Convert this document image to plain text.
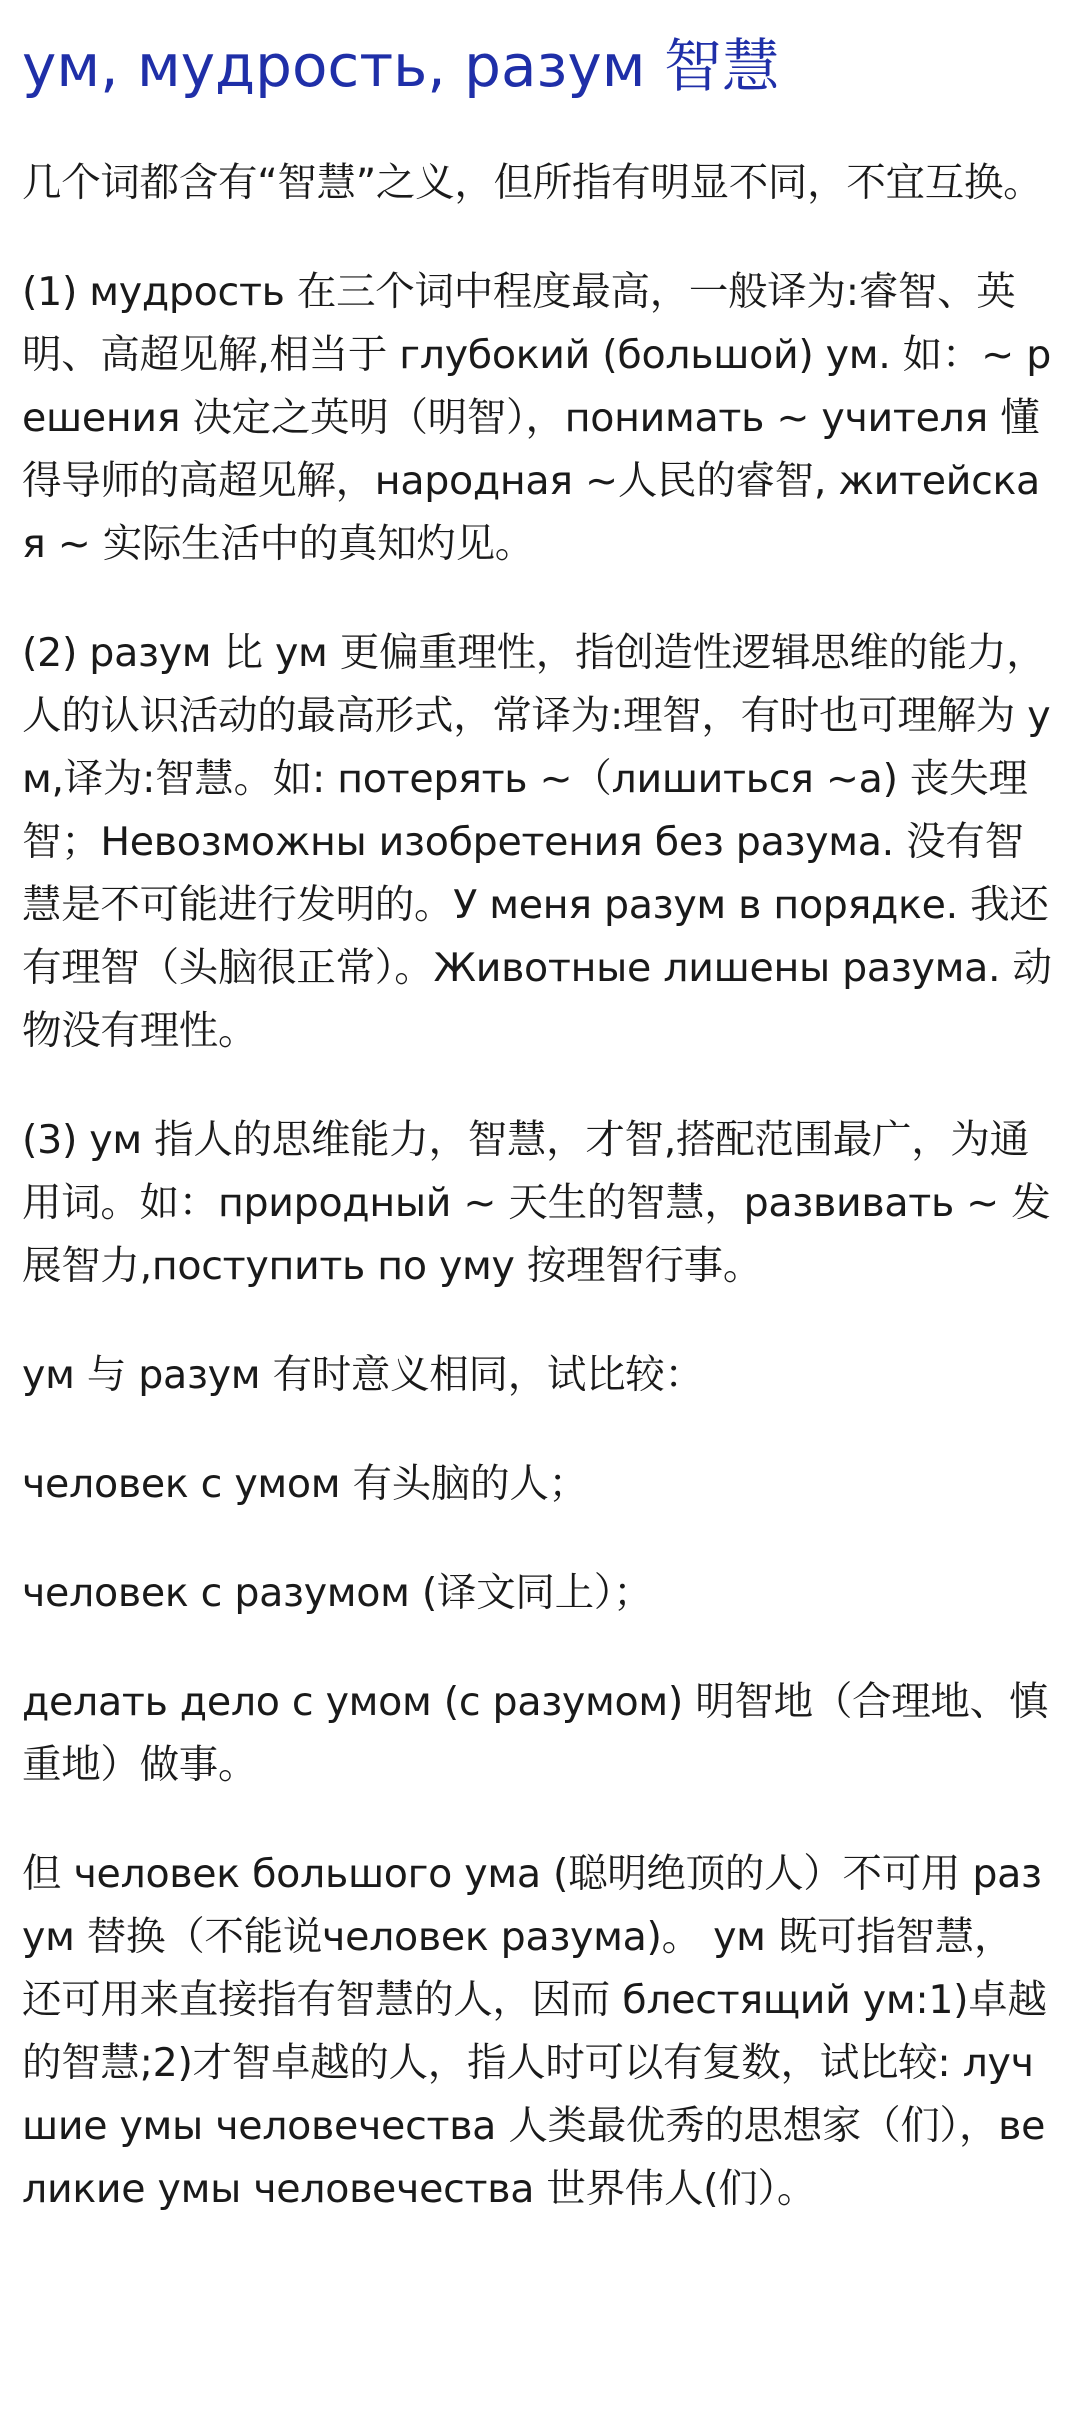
ум, мудрость, разум 智慧

几个词都含有“智慧”之义，但所指有明显不同，不宜互换。

(1) мудрость 在三个词中程度最高，一般译为:睿智、英明、高超见解,相当于 глубокий (большой) ум. 如：~ решения 决定之英明（明智），понимать ~ учителя 懂得导师的高超见解，народная ~人民的睿智, житейская ~ 实际生活中的真知灼见。

(2) разум 比 ум 更偏重理性，指创造性逻辑思维的能力，人的认识活动的最高形式，常译为:理智，有时也可理解为 ум,译为:智慧。如: потерять ~（лишиться ~а) 丧失理智；Невозможны изобретения без разума. 没有智慧是不可能进行发明的。У меня разум в порядке. 我还有理智（头脑很正常）。Животные лишены разума. 动物没有理性。

(3) ум 指人的思维能力，智慧，才智,搭配范围最广，为通用词。如：природный ~ 天生的智慧，развивать ~ 发展智力,поступить по уму 按理智行事。

ум 与 разум 有时意义相同，试比较：

человек с умом 有头脑的人；

человек с разумом (译文同上）；

делать дело с умом (с разумом) 明智地（合理地、慎重地）做事。

但 человек большого ума (聪明绝顶的人）不可用 разум 替换（不能说человек разума)。 ум 既可指智慧，还可用来直接指有智慧的人，因而 блестящий ум:1)卓越的智慧;2)才智卓越的人，指人时可以有复数，试比较: лучшие умы человечества 人类最优秀的思想家（们），великие умы человечества 世界伟人(们）。
